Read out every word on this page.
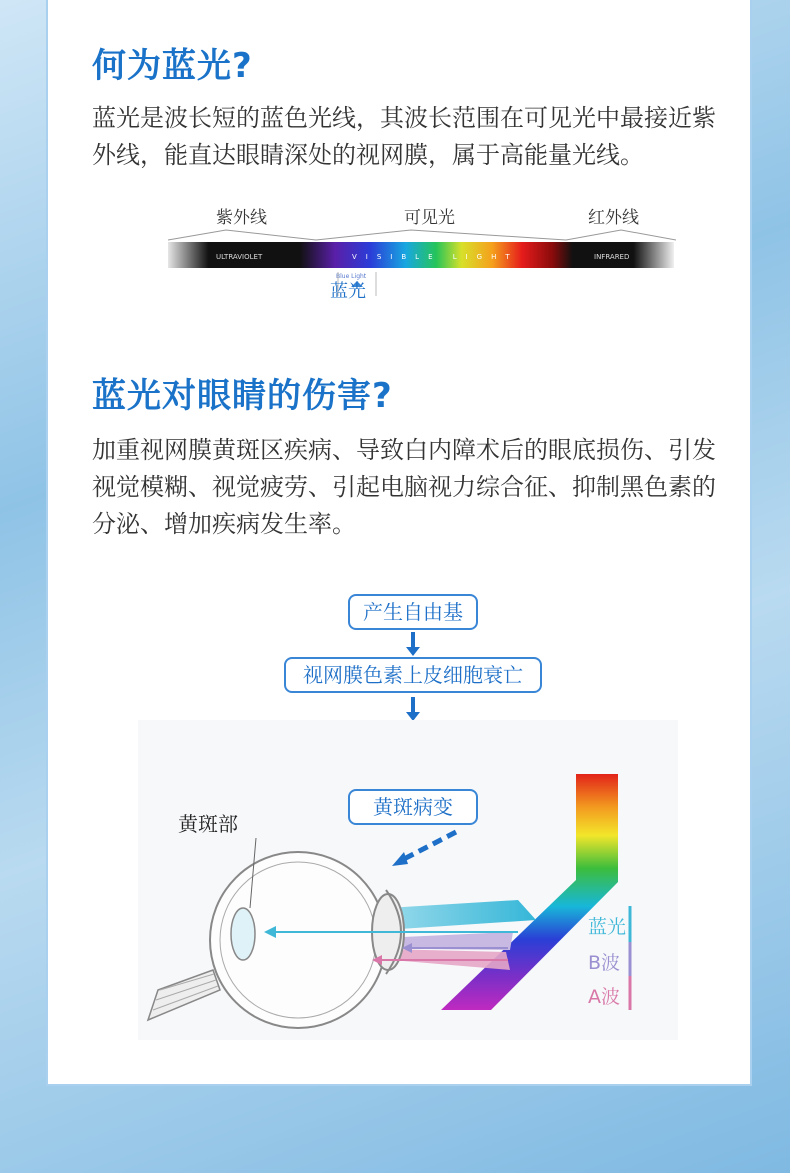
何为蓝光?

蓝光是波长短的蓝色光线，其波长范围在可见光中最接近紫外线，能直达眼睛深处的视网膜，属于高能量光线。

紫外线	可见光	红外线
ULTRAVIOLET	VISIBLE LIGHT	INFRARED
Blue Light
蓝光
蓝光对眼睛的伤害?

加重视网膜黄斑区疾病、导致白内障术后的眼底损伤、引发视觉模糊、视觉疲劳、引起电脑视力综合征、抑制黑色素的分泌、增加疾病发生率。

产生自由基
视网膜色素上皮细胞衰亡
黄斑病变
黄斑部
蓝光
B波
A波
